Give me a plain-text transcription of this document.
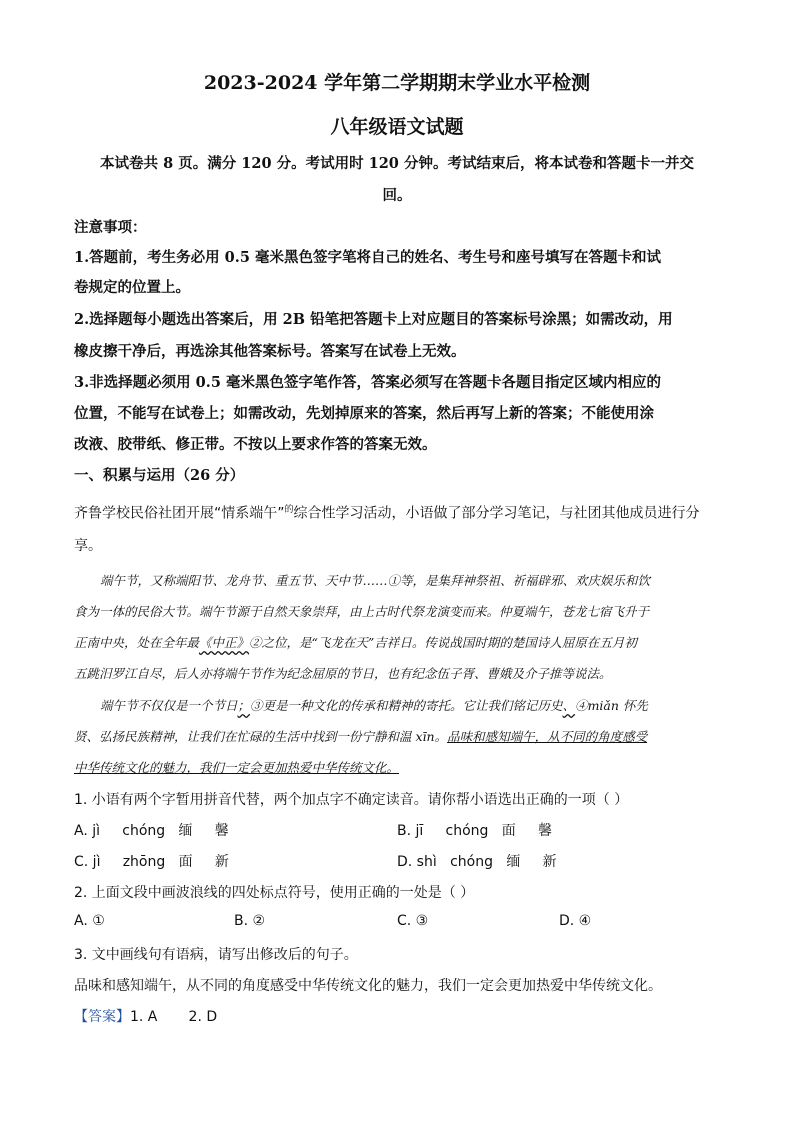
2023-2024 学年第二学期期末学业水平检测
八年级语文试题
本试卷共 8 页。满分 120 分。考试用时 120 分钟。考试结束后，将本试卷和答题卡一并交
回。
注意事项：
1.答题前，考生务必用 0.5 毫米黑色签字笔将自己的姓名、考生号和座号填写在答题卡和试
卷规定的位置上。
2.选择题每小题选出答案后，用 2B 铅笔把答题卡上对应题目的答案标号涂黑；如需改动，用
橡皮擦干净后，再选涂其他答案标号。答案写在试卷上无效。
3.非选择题必须用 0.5 毫米黑色签字笔作答，答案必须写在答题卡各题目指定区域内相应的
位置，不能写在试卷上；如需改动，先划掉原来的答案，然后再写上新的答案；不能使用涂
改液、胶带纸、修正带。不按以上要求作答的答案无效。
一、积累与运用（26 分）
齐鲁学校民俗社团开展“情系端午”$^的$综合性学习活动，小语做了部分学习笔记，与社团其他成员进行分
享。
端午节，又称端阳节、龙舟节、重五节、天中节……①等，是集拜神祭祖、祈福辟邪、欢庆娱乐和饮
食为一体的民俗大节。端午节源于自然天象崇拜，由上古时代祭龙演变而来。仲夏端午，苍龙七宿飞升于
正南中央，处在全年最《中正》②之位，是“飞龙在天”吉祥日。传说战国时期的楚国诗人屈原在五月初
五跳汨罗江自尽，后人亦将端午节作为纪念屈原的节日，也有纪念伍子胥、曹娥及介子推等说法。
端午节不仅仅是一个节日；③更是一种文化的传承和精神的寄托。它让我们铭记历史、④miǎn 怀先
贤、弘扬民族精神，让我们在忙碌的生活中找到一份宁静和温 xīn。品味和感知端午，从不同的角度感受
中华传统文化的魅力，我们一定会更加热爱中华传统文化。
1. 小语有两个字暂用拼音代替，两个加点字不确定读音。请你帮小语选出正确的一项（ ）
A. jì     chóng   缅     馨	B. jī     chóng   面     馨
C. jì     zhōng   面     新	D. shì   chóng   缅     新
2. 上面文段中画波浪线的四处标点符号，使用正确的一处是（ ）
A. ①	B. ②	C. ③	D. ④
3. 文中画线句有语病，请写出修改后的句子。
品味和感知端午，从不同的角度感受中华传统文化的魅力，我们一定会更加热爱中华传统文化。
【答案】1. A       2. D
